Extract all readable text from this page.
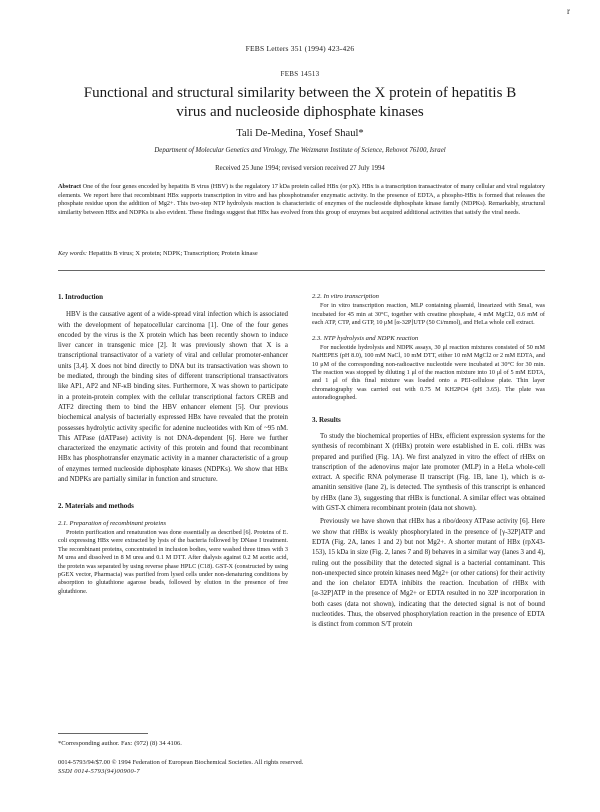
r
FEBS Letters 351 (1994) 423-426
FEBS 14513
Functional and structural similarity between the X protein of hepatitis B virus and nucleoside diphosphate kinases
Tali De-Medina, Yosef Shaul*
Department of Molecular Genetics and Virology, The Weizmann Institute of Science, Rehovot 76100, Israel
Received 25 June 1994; revised version received 27 July 1994
Abstract One of the four genes encoded by hepatitis B virus (HBV) is the regulatory 17 kDa protein called HBx (or pX). HBx is a transcription transactivator of many cellular and viral regulatory elements. We report here that recombinant HBx supports transcription in vitro and has phosphotransfer enzymatic activity. In the presence of EDTA, a phospho-HBx is formed that releases the phosphate residue upon the addition of Mg2+. This two-step NTP hydrolysis reaction is characteristic of enzymes of the nucleoside diphosphate kinase family (NDPKs). Remarkably, structural similarity between HBx and NDPKs is also evident. These findings suggest that HBx has evolved from this group of enzymes but acquired additional activities that satisfy the viral needs.
Key words: Hepatitis B virus; X protein; NDPK; Transcription; Protein kinase

1. Introduction

HBV is the causative agent of a wide-spread viral infection which is associated with the development of hepatocellular carcinoma [1]. One of the four genes encoded by the virus is the X protein which has been recently shown to induce liver cancer in transgenic mice [2]. It was previously shown that X is a transcriptional transactivator of a variety of viral and cellular promoter-enhancer units [3,4]. X does not bind directly to DNA but its transactivation was shown to be mediated, through the binding sites of different transcriptional transactivators like AP1, AP2 and NF-κB binding sites. Furthermore, X was shown to participate in a protein-protein complex with the cellular transcriptional factors CREB and ATF2 directing them to bind the HBV enhancer element [5]. Our previous biochemical analysis of bacterially expressed HBx have revealed that the protein possesses hydrolytic activity specific for adenine nucleotides with Km of ~95 nM. This ATPase (dATPase) activity is not DNA-dependent [6]. Here we further characterized the enzymatic activity of this protein and found that recombinant HBx has phosphotransfer enzymatic activity in a manner characteristic of a group of enzymes termed nucleoside diphosphate kinases (NDPKs). We show that HBx and NDPKs are partially similar in function and structure.

2. Materials and methods

2.1. Preparation of recombinant proteins

Protein purification and renaturation was done essentially as described [6]. Proteins of E. coli expressing HBx were extracted by lysis of the bacteria followed by DNase I treatment. The recombinant proteins, concentrated in inclusion bodies, were washed three times with 3 M urea and dissolved in 8 M urea and 0.1 M DTT. After dialysis against 0.2 M acetic acid, the protein was separated by using reverse phase HPLC (C18). GST-X (constructed by using pGEX vector, Pharmacia) was purified from lysed cells under non-denaturing conditions by absorption to glutathione agarose beads, followed by elution in the presence of free glutathione.

2.2. In vitro transcription

For in vitro transcription reaction, MLP containing plasmid, linearized with SmaI, was incubated for 45 min at 30°C, together with creatine phosphate, 4 mM MgCl2, 0.6 mM of each ATP, CTP, and GTP, 10 μM [α-32P]UTP (50 Ci/mmol), and HeLa whole cell extract.

2.3. NTP hydrolysis and NDPK reaction

For nucleotide hydrolysis and NDPK assays, 30 μl reaction mixtures consisted of 50 mM NaHEPES (pH 8.0), 100 mM NaCl, 10 mM DTT, either 10 mM MgCl2 or 2 mM EDTA, and 10 μM of the corresponding non-radioactive nucleotide were incubated at 30°C for 30 min. The reaction was stopped by diluting 1 μl of the reaction mixture into 10 μl of 5 mM EDTA, and 1 μl of this final mixture was loaded onto a PEI-cellulose plate. Thin layer chromatography was carried out with 0.75 M KH2PO4 (pH 3.65). The plate was autoradiographed.

3. Results

To study the biochemical properties of HBx, efficient expression systems for the synthesis of recombinant X (rHBx) protein were established in E. coli. rHBx was prepared and purified (Fig. 1A). We first analyzed in vitro the effect of rHBx on transcription of the adenovirus major late promoter (MLP) in a HeLa whole-cell extract. A specific RNA polymerase II transcript (Fig. 1B, lane 1), which is α-amanitin sensitive (lane 2), is detected. The synthesis of this transcript is enhanced by rHBx (lane 3), suggesting that rHBx is functional. A similar effect was obtained with GST-X chimera recombinant protein (data not shown).

Previously we have shown that rHBx has a ribo/deoxy ATPase activity [6]. Here we show that rHBx is weakly phosphorylated in the presence of [γ-32P]ATP and EDTA (Fig. 2A, lanes 1 and 2) but not Mg2+. A shorter mutant of HBx (rpX43-153), 15 kDa in size (Fig. 2, lanes 7 and 8) behaves in a similar way (lanes 3 and 4), ruling out the possibility that the detected signal is a bacterial contaminant. This non-unexpected since protein kinases need Mg2+ (or other cations) for their activity and the ion chelator EDTA inhibits the reaction. Incubation of rHBx with [α-32P]ATP in the presence of Mg2+ or EDTA resulted in no 32P incorporation in both cases (data not shown), indicating that the detected signal is not of bound nucleotides. Thus, the observed phosphorylation reaction in the presence of EDTA is distinct from common S/T protein

*Corresponding author. Fax: (972) (8) 34 4106.
0014-5793/94/$7.00 © 1994 Federation of European Biochemical Societies. All rights reserved.
SSDI 0014-5793(94)00900-7
